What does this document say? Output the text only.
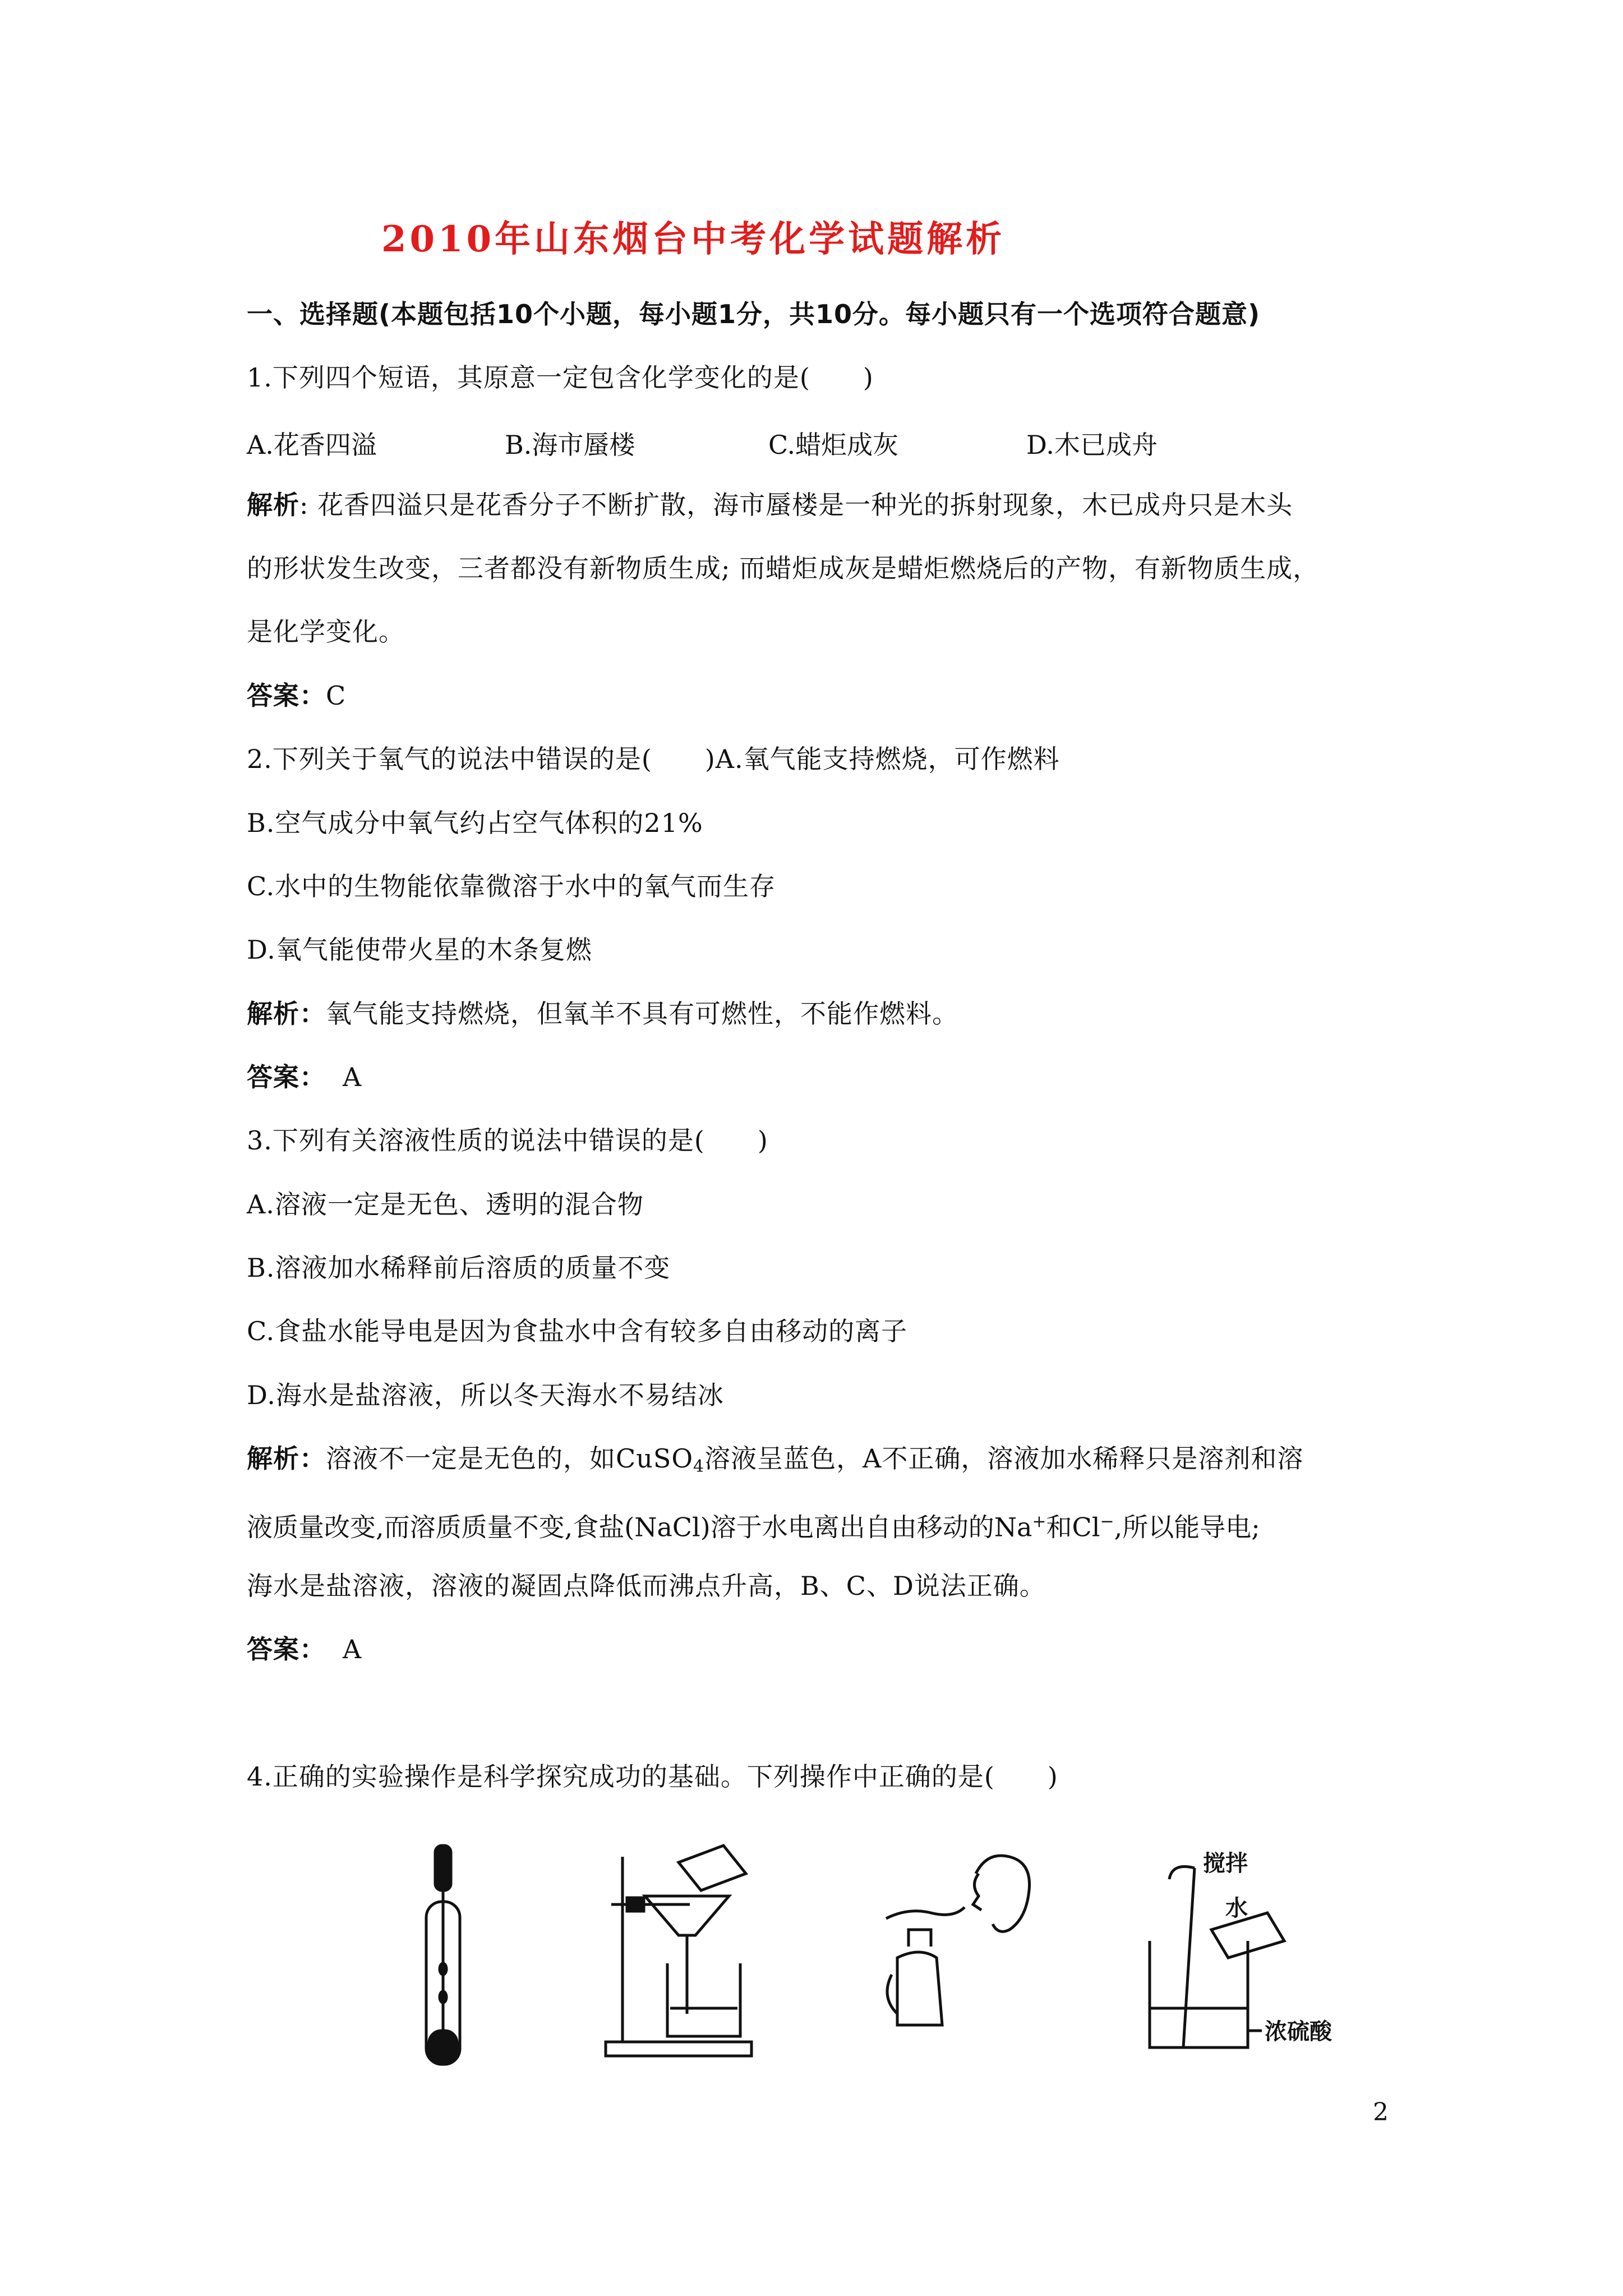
2010年山东烟台中考化学试题解析
一、选择题(本题包括10个小题，每小题1分，共10分。每小题只有一个选项符合题意)
1.下列四个短语，其原意一定包含化学变化的是(　　)
A.花香四溢	B.海市蜃楼	C.蜡炬成灰	D.木已成舟
解析: 花香四溢只是花香分子不断扩散，海市蜃楼是一种光的拆射现象，木已成舟只是木头
的形状发生改变，三者都没有新物质生成; 而蜡炬成灰是蜡炬燃烧后的产物，有新物质生成，
是化学变化。
答案：C
2.下列关于氧气的说法中错误的是(　　)A.氧气能支持燃烧，可作燃料
B.空气成分中氧气约占空气体积的21%
C.水中的生物能依靠微溶于水中的氧气而生存
D.氧气能使带火星的木条复燃
解析：氧气能支持燃烧，但氧羊不具有可燃性，不能作燃料。
答案： A
3.下列有关溶液性质的说法中错误的是(　　)
A.溶液一定是无色、透明的混合物
B.溶液加水稀释前后溶质的质量不变
C.食盐水能导电是因为食盐水中含有较多自由移动的离子
D.海水是盐溶液，所以冬天海水不易结冰
解析：溶液不一定是无色的，如CuSO$_4$溶液呈蓝色，A不正确，溶液加水稀释只是溶剂和溶
液质量改变,而溶质质量不变,食盐(NaCl)溶于水电离出自由移动的Na+和Cl−,所以能导电;
海水是盐溶液，溶液的凝固点降低而沸点升高，B、C、D说法正确。
答案： A
4.正确的实验操作是科学探究成功的基础。下列操作中正确的是(　　)
搅拌
水
浓硫酸
2
